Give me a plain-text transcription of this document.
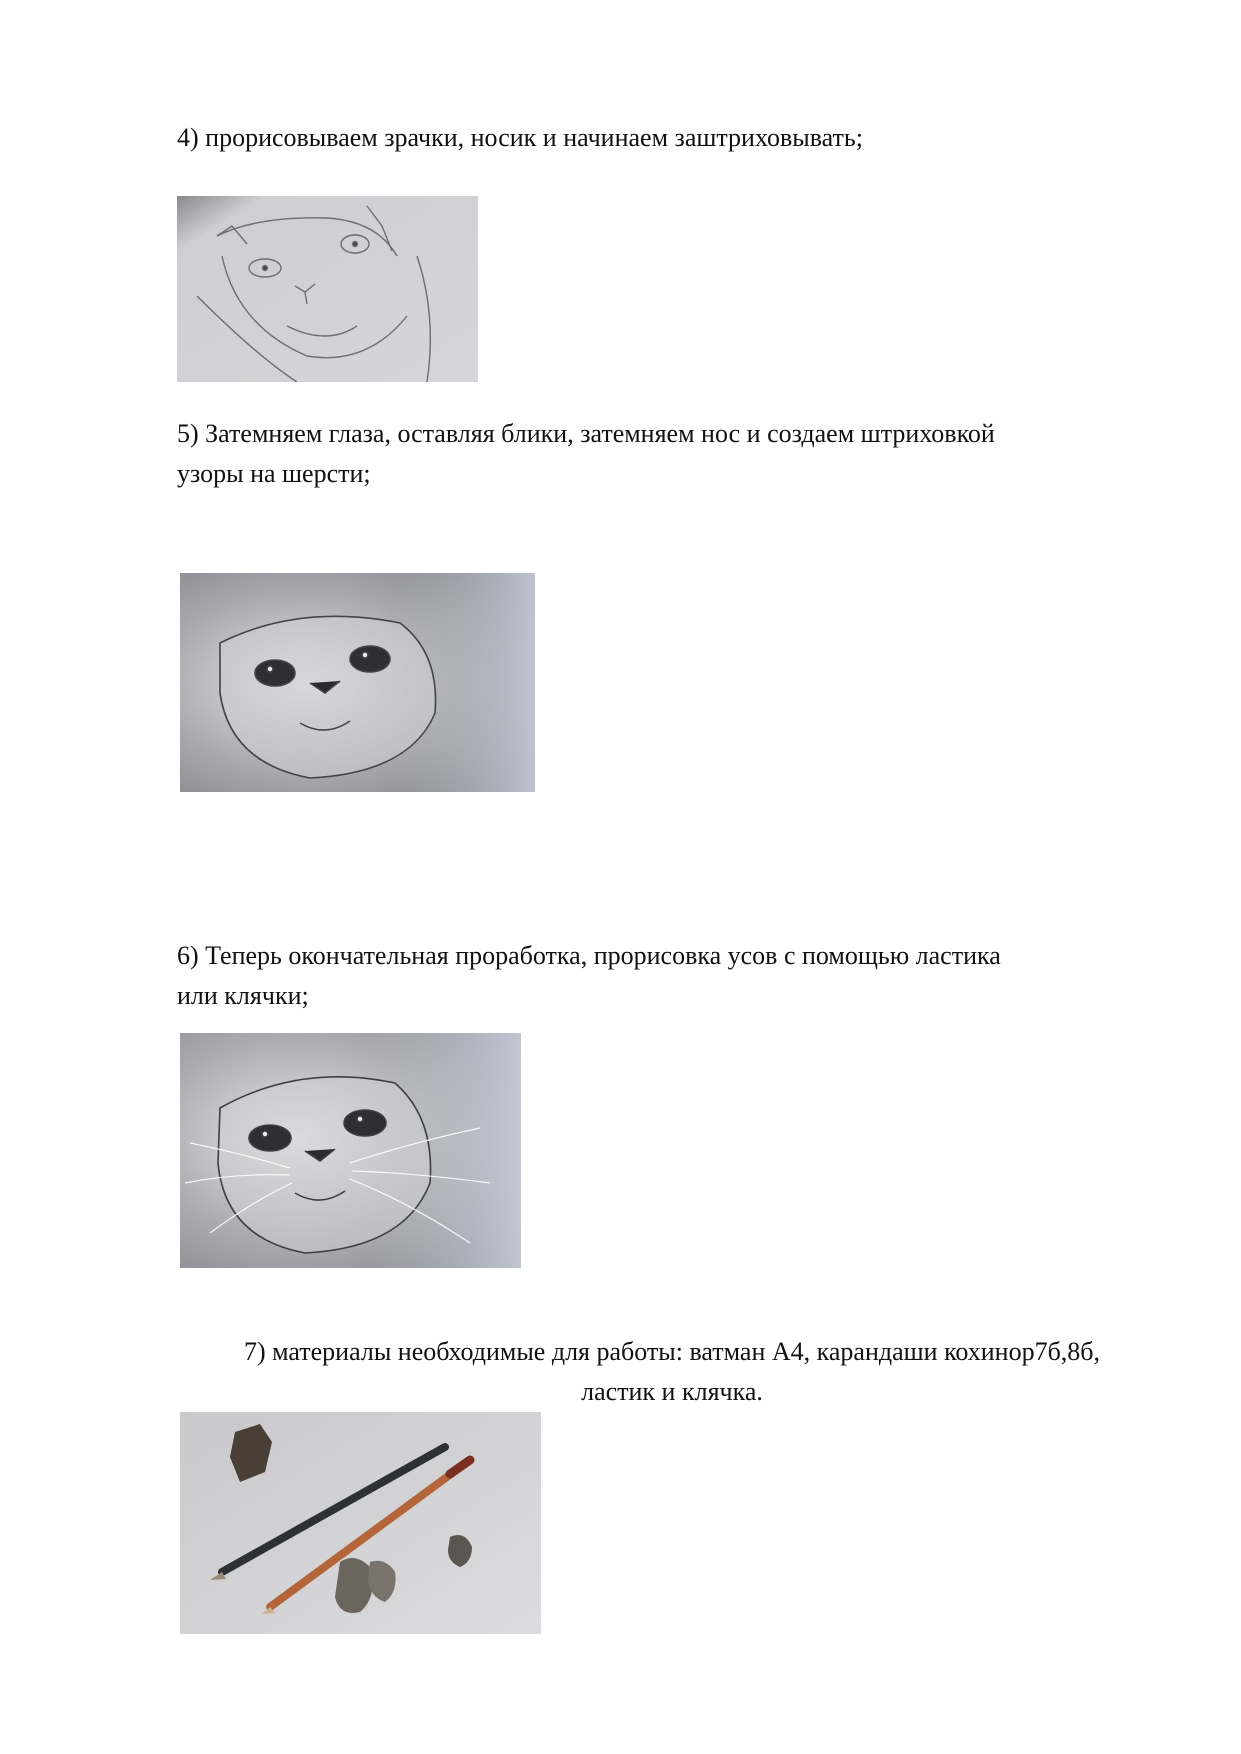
4) прорисовываем зрачки, носик и начинаем заштриховывать;

5) Затемняем глаза, оставляя блики, затемняем нос и создаем штриховкой

узоры на шерсти;

6) Теперь окончательная проработка, прорисовка усов с помощью ластика

или клячки;

7) материалы необходимые для работы: ватман А4, карандаши кохинор7б,8б,

ластик и клячка.
